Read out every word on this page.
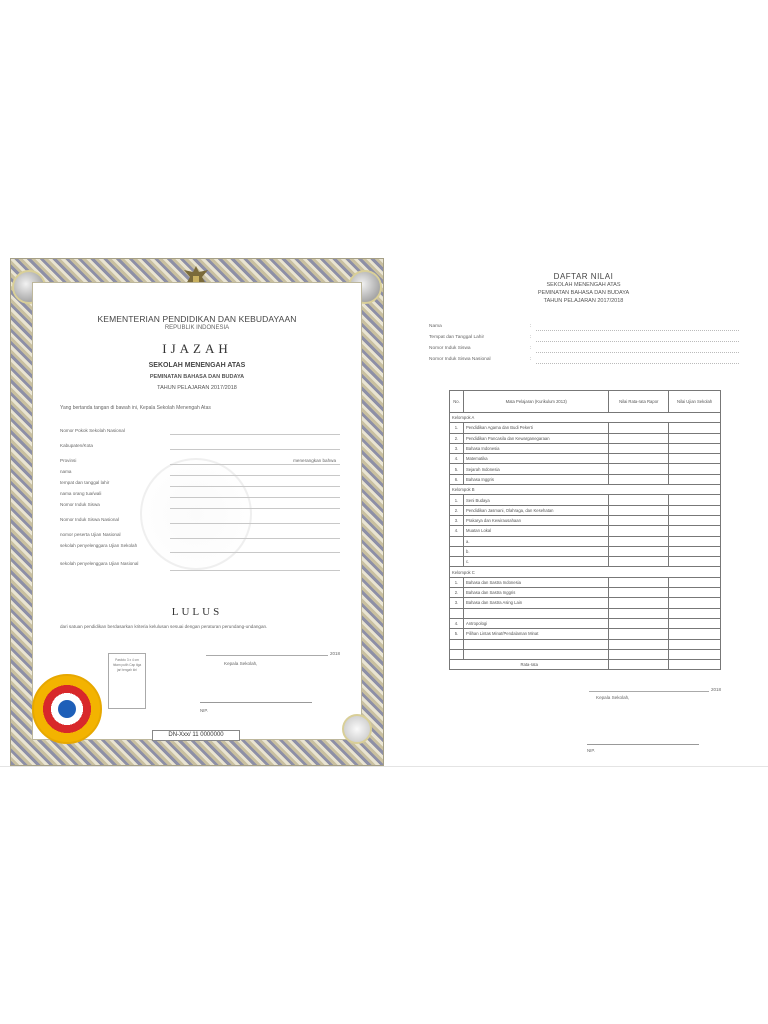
KEMENTERIAN PENDIDIKAN DAN KEBUDAYAAN
REPUBLIK INDONESIA
IJAZAH
SEKOLAH MENENGAH ATAS
PEMINATAN BAHASA DAN BUDAYA
TAHUN PELAJARAN 2017/2018
Yang bertanda tangan di bawah ini, Kepala Sekolah Menengah Atas
Nomor Pokok Sekolah Nasional
Kabupaten/Kota
Provinsi	menerangkan bahwa
nama
tempat dan tanggal lahir
nama orang tua/wali
Nomor Induk Siswa
Nomor Induk Siswa Nasional
nomor peserta Ujian Nasional
sekolah penyelenggara Ujian Sekolah
sekolah penyelenggara Ujian Nasional
LULUS
dari satuan pendidikan berdasarkan kriteria kelulusan sesuai dengan peraturan perundang-undangan.
Pasfoto 3 x 4 cm hitam putih Cap tiga jari tengah kiri
2018
Kepala Sekolah,
NIP.
DN-Xxx/ 11 0000000
DAFTAR NILAI
SEKOLAH MENENGAH ATAS
PEMINATAN BAHASA DAN BUDAYA
TAHUN PELAJARAN 2017/2018
Nama	:
Tempat dan Tanggal Lahir	:
Nomor Induk Siswa	:
Nomor Induk Siswa Nasional	:
No.	Mata Pelajaran (Kurikulum 2013)	Nilai Rata-rata Rapor	Nilai Ujian Sekolah
Kelompok A			
1.	Pendidikan Agama dan Budi Pekerti		
2.	Pendidikan Pancasila dan Kewarganegaraan		
3.	Bahasa Indonesia		
4.	Matematika		
5.	Sejarah Indonesia		
6.	Bahasa Inggris		
Kelompok B			
1.	Seni Budaya		
2.	Pendidikan Jasmani, Olahraga, dan Kesehatan		
3.	Prakarya dan Kewirausahaan		
4.	Muatan Lokal		
	a.		
	b.		
	c.		
Kelompok C			
1.	Bahasa dan Sastra Indonesia		
2.	Bahasa dan Sastra Inggris		
3.	Bahasa dan Sastra Asing Lain		

4.	Antropologi		
5.	Pilihan Lintas Minat/Pendalaman Minat		

Rata-rata			
2018
Kepala Sekolah,
NIP.
